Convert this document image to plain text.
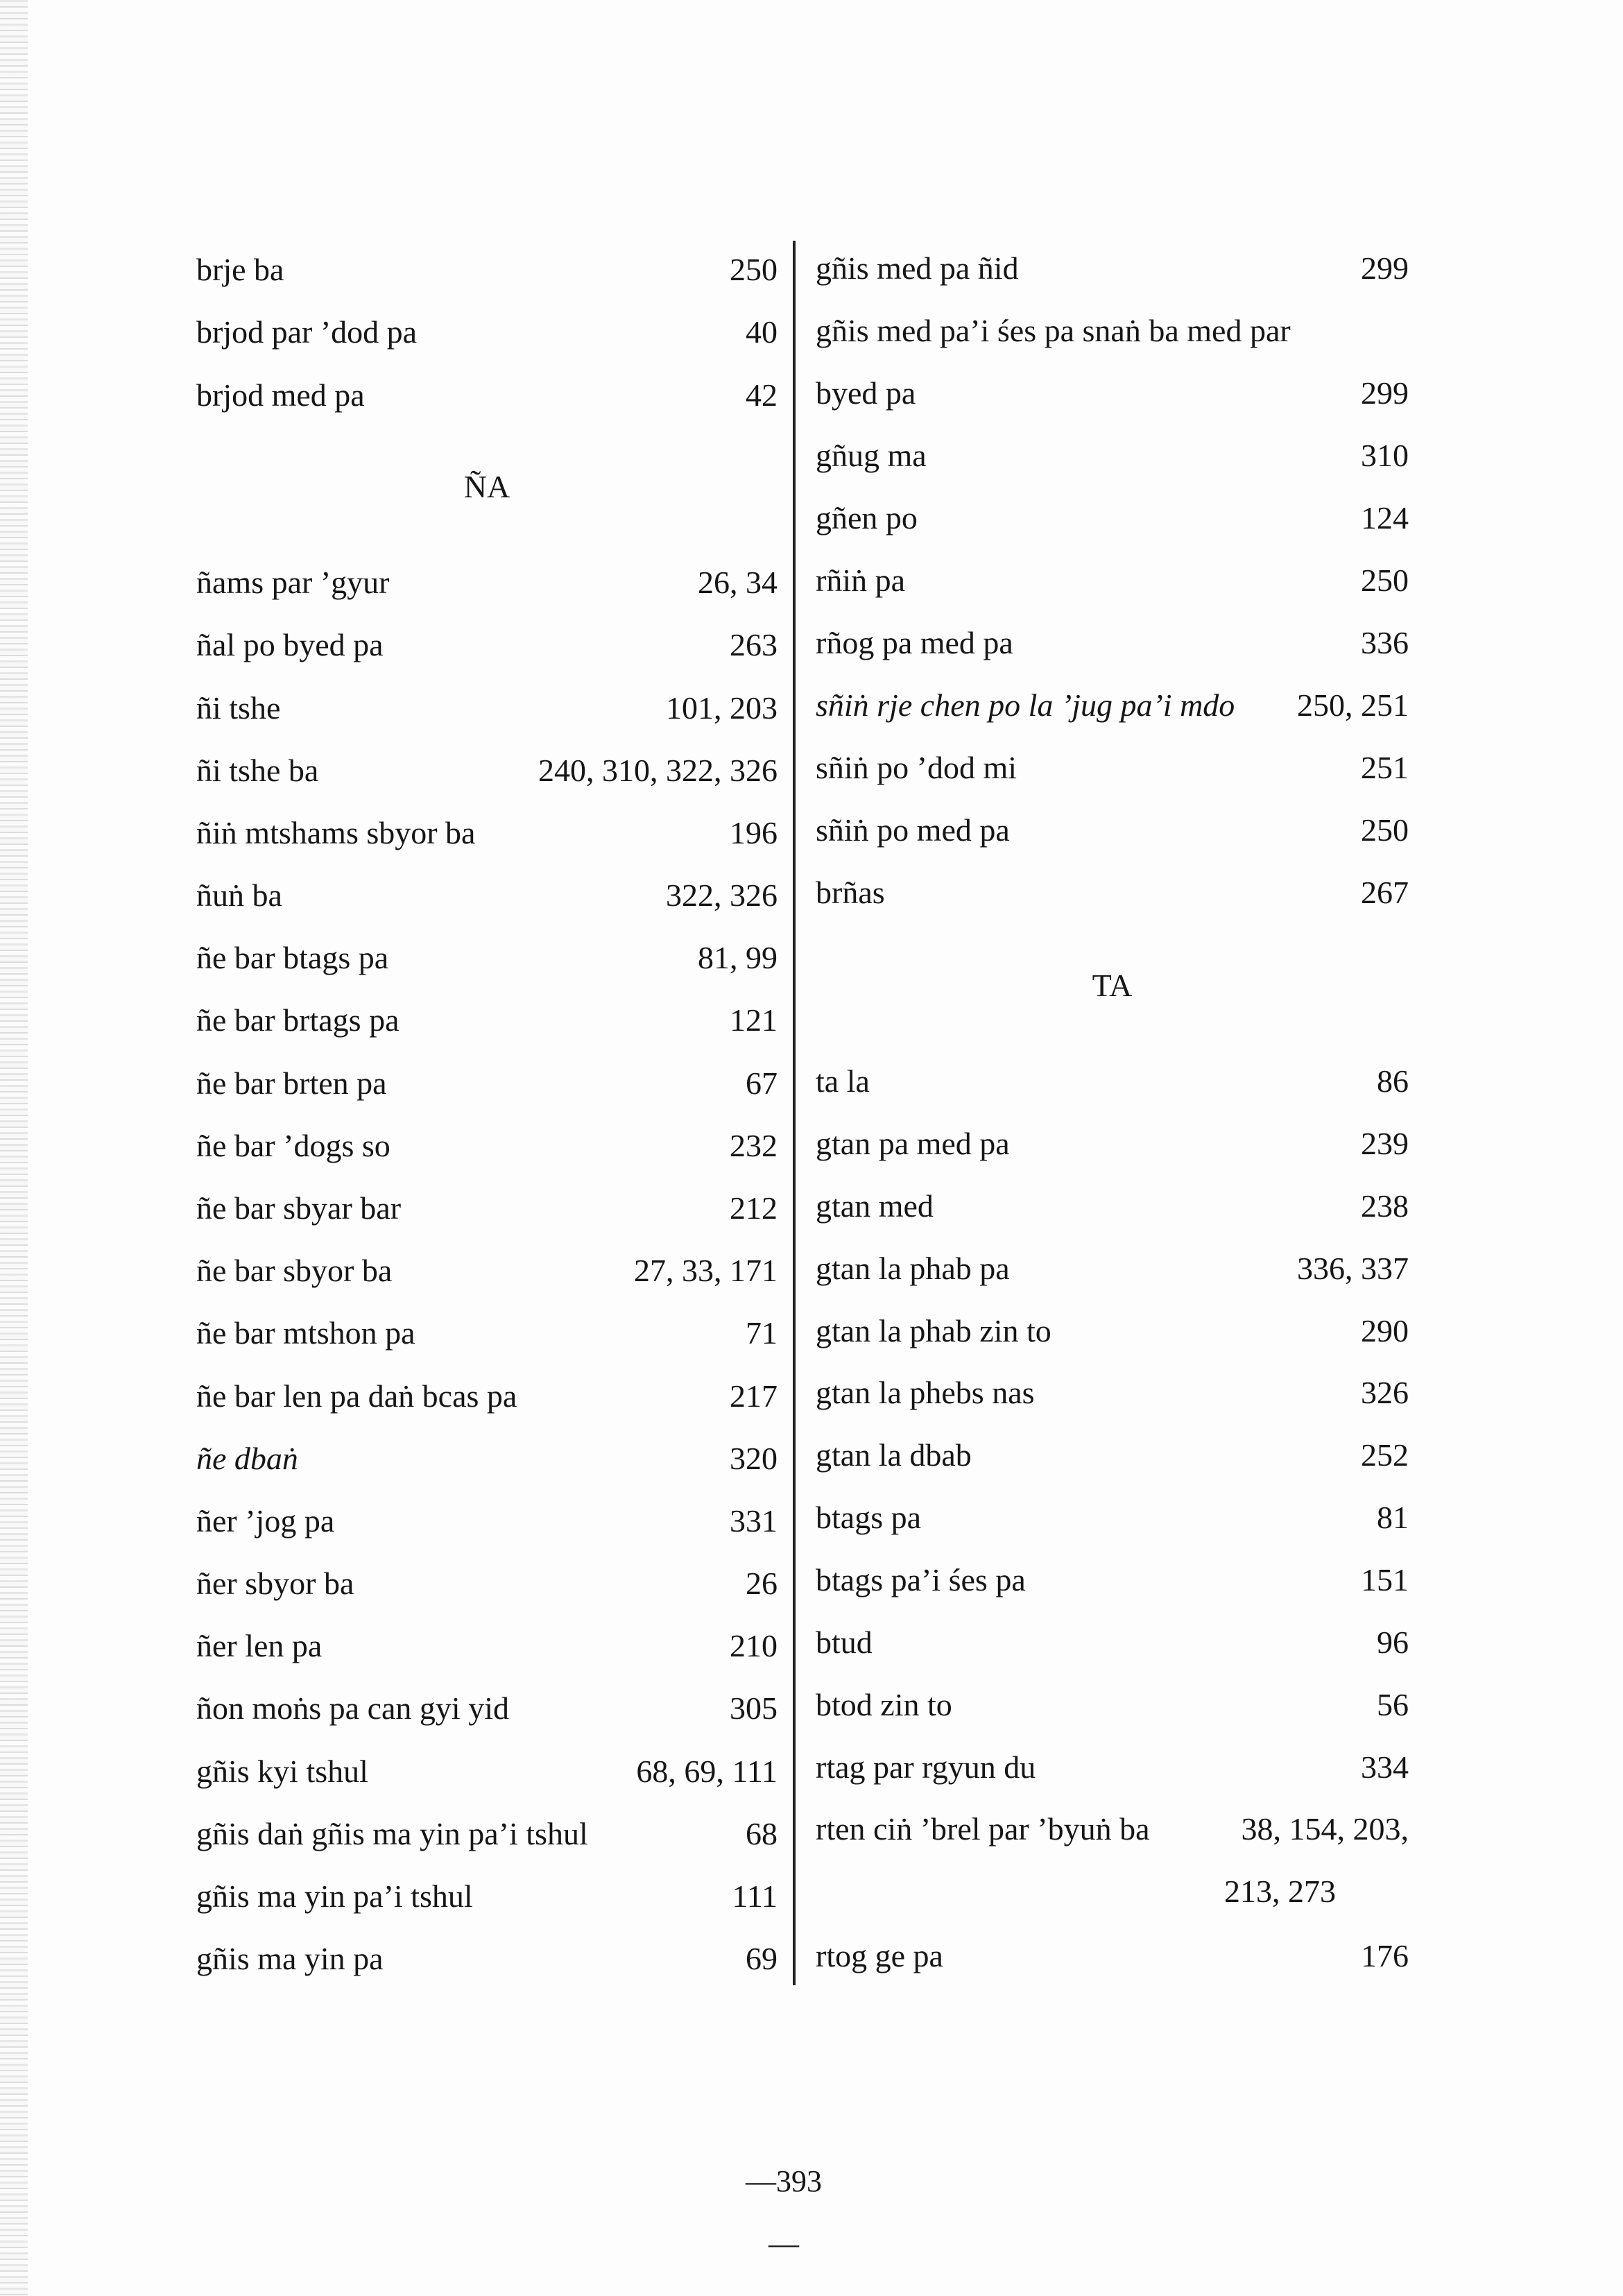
brje ba	250
brjod par ’dod pa	40
brjod med pa	42
ÑA
ñams par ’gyur	26, 34
ñal po byed pa	263
ñi tshe	101, 203
ñi tshe ba	240, 310, 322, 326
ñiṅ mtshams sbyor ba	196
ñuṅ ba	322, 326
ñe bar btags pa	81, 99
ñe bar brtags pa	121
ñe bar brten pa	67
ñe bar ’dogs so	232
ñe bar sbyar bar	212
ñe bar sbyor ba	27, 33, 171
ñe bar mtshon pa	71
ñe bar len pa daṅ bcas pa	217
ñe dbaṅ	320
ñer ’jog pa	331
ñer sbyor ba	26
ñer len pa	210
ñon moṅs pa can gyi yid	305
gñis kyi tshul	68, 69, 111
gñis daṅ gñis ma yin pa’i tshul	68
gñis ma yin pa’i tshul	111
gñis ma yin pa	69
gñis med pa ñid	299
gñis med pa’i śes pa snaṅ ba med par
byed pa	299
gñug ma	310
gñen po	124
rñiṅ pa	250
rñog pa med pa	336
sñiṅ rje chen po la ’jug pa’i mdo 250, 251
sñiṅ po ’dod mi	251
sñiṅ po med pa	250
brñas	267
TA
ta la	86
gtan pa med pa	239
gtan med	238
gtan la phab pa	336, 337
gtan la phab zin to	290
gtan la phebs nas	326
gtan la dbab	252
btags pa	81
btags pa’i śes pa	151
btud	96
btod zin to	56
rtag par rgyun du	334
rten ciṅ ’brel par ’byuṅ ba	38, 154, 203,
213, 273
rtog ge pa	176
—393—
